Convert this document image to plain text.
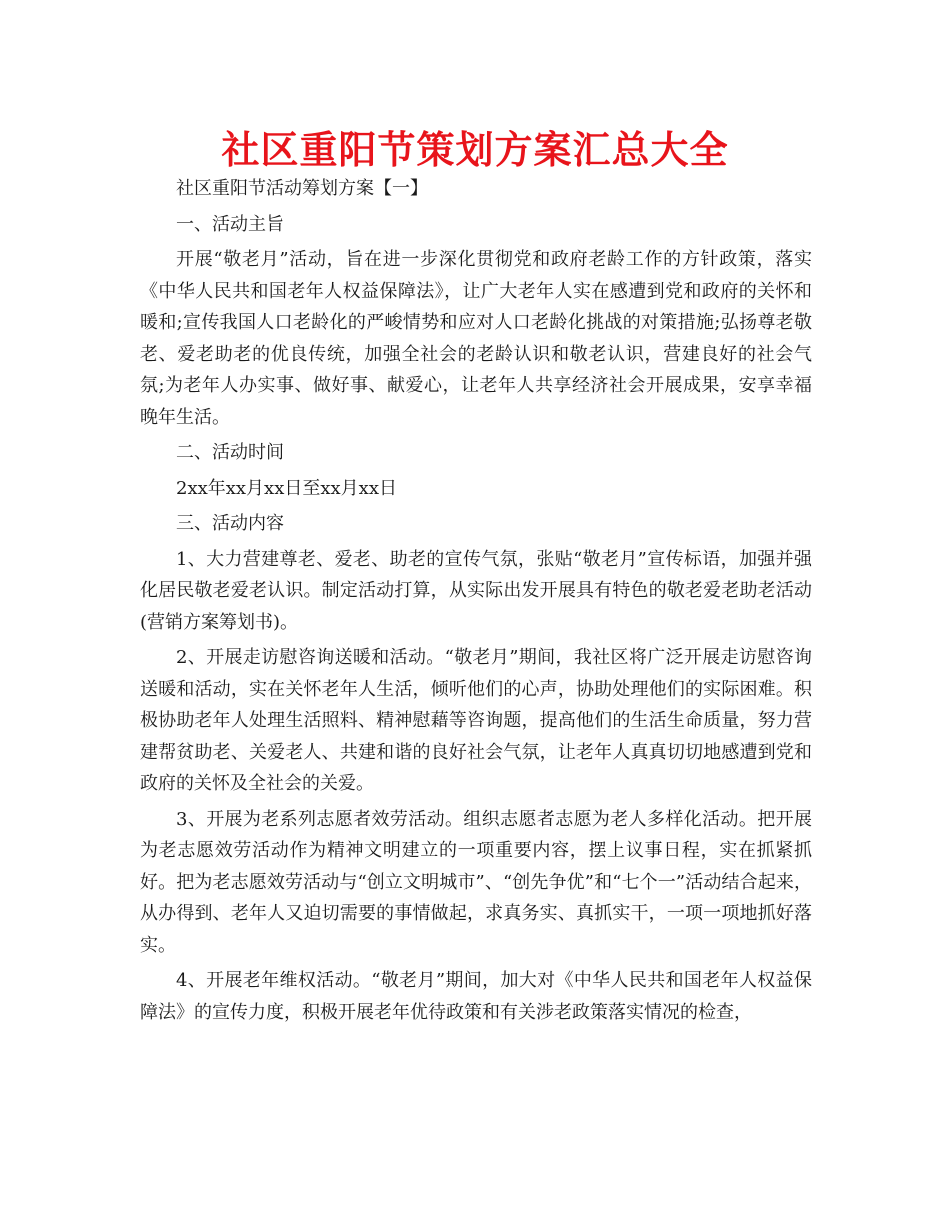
社区重阳节策划方案汇总大全

社区重阳节活动筹划方案【一】

一、活动主旨

开展“敬老月”活动，旨在进一步深化贯彻党和政府老龄工作的方针政策，落实《中华人民共和国老年人权益保障法》，让广大老年人实在感遭到党和政府的关怀和暖和;宣传我国人口老龄化的严峻情势和应对人口老龄化挑战的对策措施;弘扬尊老敬老、爱老助老的优良传统，加强全社会的老龄认识和敬老认识，营建良好的社会气氛;为老年人办实事、做好事、献爱心，让老年人共享经济社会开展成果，安享幸福晚年生活。

二、活动时间

2xx年xx月xx日至xx月xx日

三、活动内容

1、大力营建尊老、爱老、助老的宣传气氛，张贴“敬老月”宣传标语，加强并强化居民敬老爱老认识。制定活动打算，从实际出发开展具有特色的敬老爱老助老活动(营销方案筹划书)。

2、开展走访慰咨询送暖和活动。“敬老月”期间，我社区将广泛开展走访慰咨询送暖和活动，实在关怀老年人生活，倾听他们的心声，协助处理他们的实际困难。积极协助老年人处理生活照料、精神慰藉等咨询题，提高他们的生活生命质量，努力营建帮贫助老、关爱老人、共建和谐的良好社会气氛，让老年人真真切切地感遭到党和政府的关怀及全社会的关爱。

3、开展为老系列志愿者效劳活动。组织志愿者志愿为老人多样化活动。把开展为老志愿效劳活动作为精神文明建立的一项重要内容，摆上议事日程，实在抓紧抓好。把为老志愿效劳活动与“创立文明城市”、“创先争优”和“七个一”活动结合起来，从办得到、老年人又迫切需要的事情做起，求真务实、真抓实干，一项一项地抓好落实。

4、开展老年维权活动。“敬老月”期间，加大对《中华人民共和国老年人权益保障法》的宣传力度，积极开展老年优待政策和有关涉老政策落实情况的检查，
